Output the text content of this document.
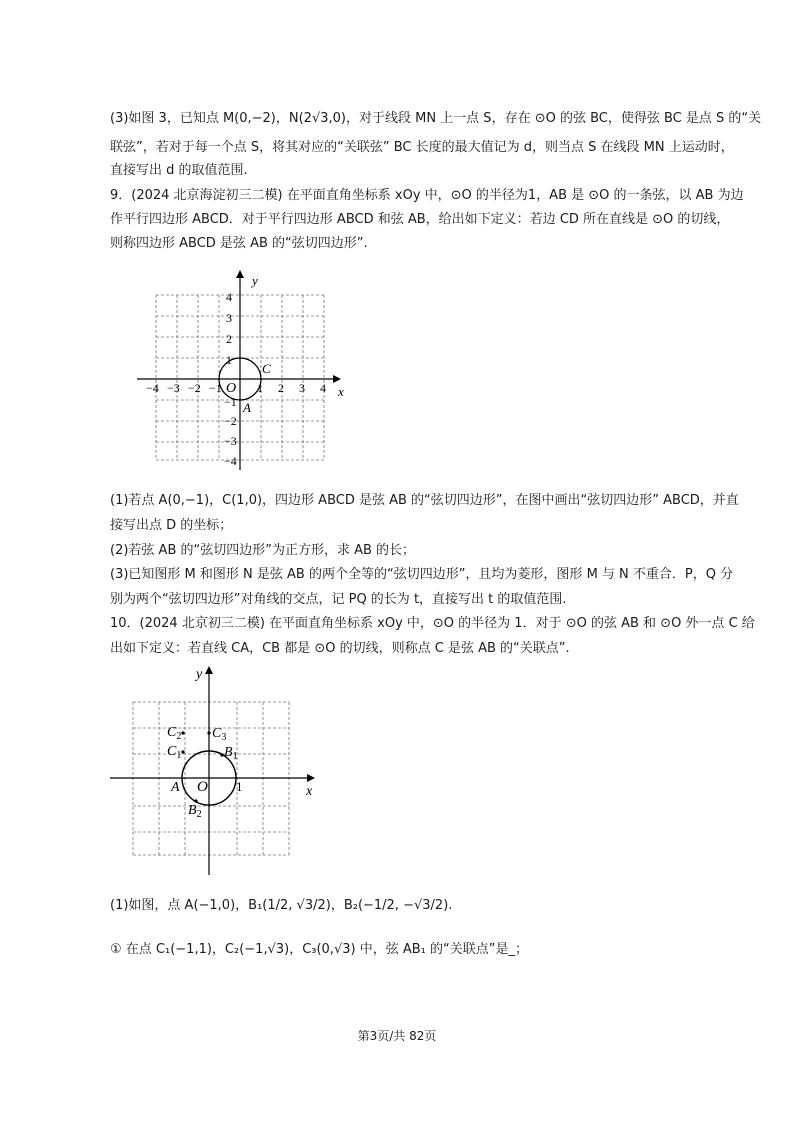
(3)如图 3，已知点 M(0,−2)，N(2√3,0)，对于线段 MN 上一点 S，存在 ⊙O 的弦 BC，使得弦 BC 是点 S 的“关
联弦”，若对于每一个点 S，将其对应的“关联弦” BC 长度的最大值记为 d，则当点 S 在线段 MN 上运动时，
直接写出 d 的取值范围.
9．(2024 北京海淀初三二模) 在平面直角坐标系 xOy 中，⊙O 的半径为1，AB 是 ⊙O 的一条弦，以 AB 为边
作平行四边形 ABCD．对于平行四边形 ABCD 和弦 AB，给出如下定义：若边 CD 所在直线是 ⊙O 的切线，
则称四边形 ABCD 是弦 AB 的“弦切四边形”.
x
y
O
C
A
−4 −3 −2 −1	1 2 3 4
4
3
2
1
−1
−2
−3
−4
(1)若点 A(0,−1)，C(1,0)，四边形 ABCD 是弦 AB 的“弦切四边形”，在图中画出“弦切四边形” ABCD，并直
接写出点 D 的坐标；
(2)若弦 AB 的“弦切四边形”为正方形，求 AB 的长；
(3)已知图形 M 和图形 N 是弦 AB 的两个全等的“弦切四边形”，且均为菱形，图形 M 与 N 不重合．P，Q 分
别为两个“弦切四边形”对角线的交点，记 PQ 的长为 t，直接写出 t 的取值范围.
10．(2024 北京初三二模) 在平面直角坐标系 xOy 中，⊙O 的半径为 1．对于 ⊙O 的弦 AB 和 ⊙O 外一点 C 给
出如下定义：若直线 CA，CB 都是 ⊙O 的切线，则称点 C 是弦 AB 的“关联点”.
x
y
O 1
A
$B_1$
$B_2$
$C_1$
$C_2$ $C_3$
(1)如图，点 A(−1,0)，B₁(1/2, √3/2)，B₂(−1/2, −√3/2).
① 在点 C₁(−1,1)，C₂(−1,√3)，C₃(0,√3) 中，弦 AB₁ 的“关联点”是_；
第3页/共 82页
